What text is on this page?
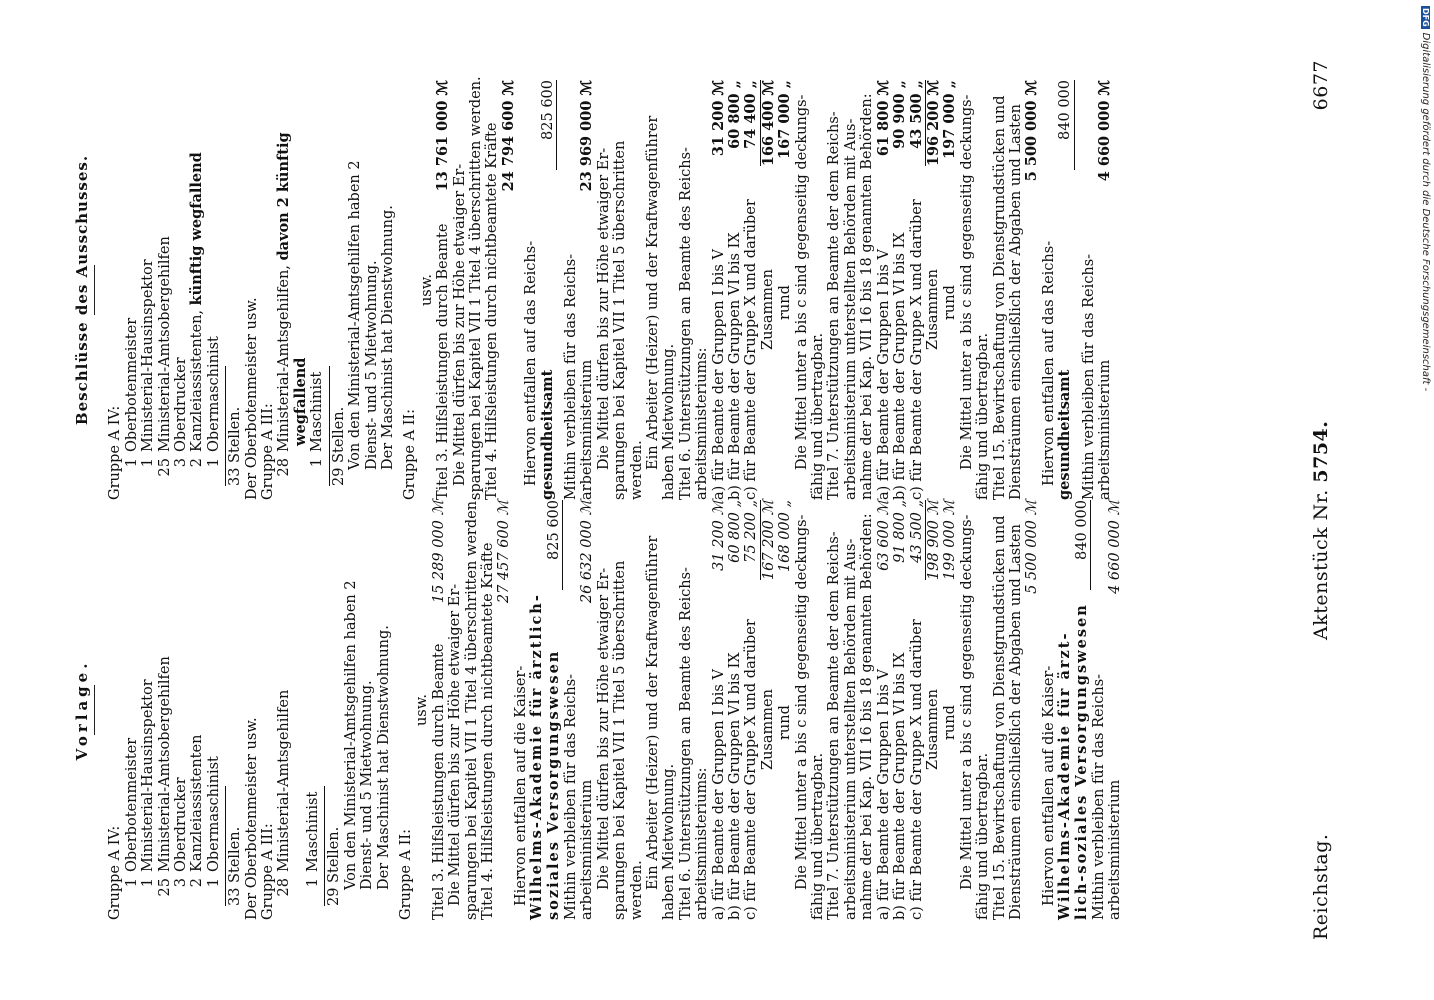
DFGDigitalisierung gefördert durch die Deutsche Forschungsgemeinschaft -
Reichstag.
Aktenstück Nr. 5754.
6677
Vorlage.
Gruppe A IV: 1Oberbotenmeister
1Ministerial-Hausinspektor
25Ministerial-Amtsobergehilfen
3Oberdrucker
2Kanzleiassistenten
1Obermaschinist 33 Stellen. Der Oberbotenmeister usw. Gruppe A III: 28Ministerial-Amtsgehilfen
1Maschinist 29 Stellen. Von den Ministerial-Amtsgehilfen haben 2 Dienst- und 5 Mietwohnung. Der Maschinist hat Dienstwohnung. Gruppe A II:
usw. Titel 3. Hilfsleistungen durch Beamte
15 289 000 ℳ
Die Mittel dürfen bis zur Höhe etwaiger Er- sparungen bei Kapitel VII 1 Titel 4 überschritten werden. Titel 4. Hilfsleistungen durch nichtbeamtete Kräfte 27 457 600 ℳ
Hiervon entfallen auf die Kaiser- Wilhelms-Akademie für ärztlich- soziales Versorgungswesen
825 600
Mithin verbleiben für das Reichs- arbeitsministerium
26 632 000 ℳ
Die Mittel dürfen bis zur Höhe etwaiger Er- sparungen bei Kapitel VII 1 Titel 5 überschritten werden.
Ein Arbeiter (Heizer) und der Kraftwagenführer haben Mietwohnung. Titel 6. Unterstützungen an Beamte des Reichs- arbeitsministeriums: a) für Beamte der Gruppen I bis V
31 200 ℳ
b) für Beamte der Gruppen VI bis IX
60 800 „
c) für Beamte der Gruppe X und darüber
75 200 „
Zusammen
167 200 ℳ
rund
168 000 „ Die Mittel unter a bis c sind gegenseitig deckungs- fähig und übertragbar. Titel 7. Unterstützungen an Beamte der dem Reichs- arbeitsministerium unterstellten Behörden mit Aus- nahme der bei Kap. VII 16 bis 18 genannten Behörden: a) für Beamte der Gruppen I bis V
63 600 ℳ
b) für Beamte der Gruppen VI bis IX
91 800 „
c) für Beamte der Gruppe X und darüber
43 500 „
Zusammen
198 900 ℳ
rund
199 000 ℳ Die Mittel unter a bis c sind gegenseitig deckungs- fähig und übertragbar. Titel 15. Bewirtschaftung von Dienstgrundstücken und Diensträumen einschließlich der Abgaben und Lasten 5 500 000 ℳ
Hiervon entfallen auf die Kaiser- Wilhelms-Akademie für ärzt- lich-soziales Versorgungswesen
840 000
Mithin verbleiben für das Reichs- arbeitsministerium
4 660 000 ℳ
Beschlüsse des Ausschusses.
Gruppe A IV: 1Oberbotenmeister
1Ministerial-Hausinspektor
25Ministerial-Amtsobergehilfen
3Oberdrucker
2Kanzleiassistenten, künftig wegfallend
1Obermaschinist 33 Stellen. Der Oberbotenmeister usw. Gruppe A III: 28Ministerial-Amtsgehilfen, davon 2 künftig
wegfallend
1Maschinist 29 Stellen. Von den Ministerial-Amtsgehilfen haben 2 Dienst- und 5 Mietwohnung. Der Maschinist hat Dienstwohnung. Gruppe A II:
usw. Titel 3. Hilfsleistungen durch Beamte
13 761 000 ℳ
Die Mittel dürfen bis zur Höhe etwaiger Er- sparungen bei Kapitel VII 1 Titel 4 überschritten werden. Titel 4. Hilfsleistungen durch nichtbeamtete Kräfte 24 794 600 ℳ
Hiervon entfallen auf das Reichs- gesundheitsamt
825 600
Mithin verbleiben für das Reichs- arbeitsministerium
23 969 000 ℳ
Die Mittel dürfen bis zur Höhe etwaiger Er- sparungen bei Kapitel VII 1 Titel 5 überschritten werden.
Ein Arbeiter (Heizer) und der Kraftwagenführer haben Mietwohnung. Titel 6. Unterstützungen an Beamte des Reichs- arbeitsministeriums: a) für Beamte der Gruppen I bis V
31 200 ℳ
b) für Beamte der Gruppen VI bis IX
60 800 „
c) für Beamte der Gruppe X und darüber
74 400 „
Zusammen
166 400 ℳ
rund
167 000 „ Die Mittel unter a bis c sind gegenseitig deckungs- fähig und übertragbar. Titel 7. Unterstützungen an Beamte der dem Reichs- arbeitsministerium unterstellten Behörden mit Aus- nahme der bei Kap. VII 16 bis 18 genannten Behörden: a) für Beamte der Gruppen I bis V
61 800 ℳ
b) für Beamte der Gruppen VI bis IX
90 900 „
c) für Beamte der Gruppe X und darüber
43 500 „
Zusammen
196 200 ℳ
rund
197 000 „ Die Mittel unter a bis c sind gegenseitig deckungs- fähig und übertragbar. Titel 15. Bewirtschaftung von Dienstgrundstücken und Diensträumen einschließlich der Abgaben und Lasten 5 500 000 ℳ
Hiervon entfallen auf das Reichs- gesundheitsamt
840 000
Mithin verbleiben für das Reichs- arbeitsministerium
4 660 000 ℳ
